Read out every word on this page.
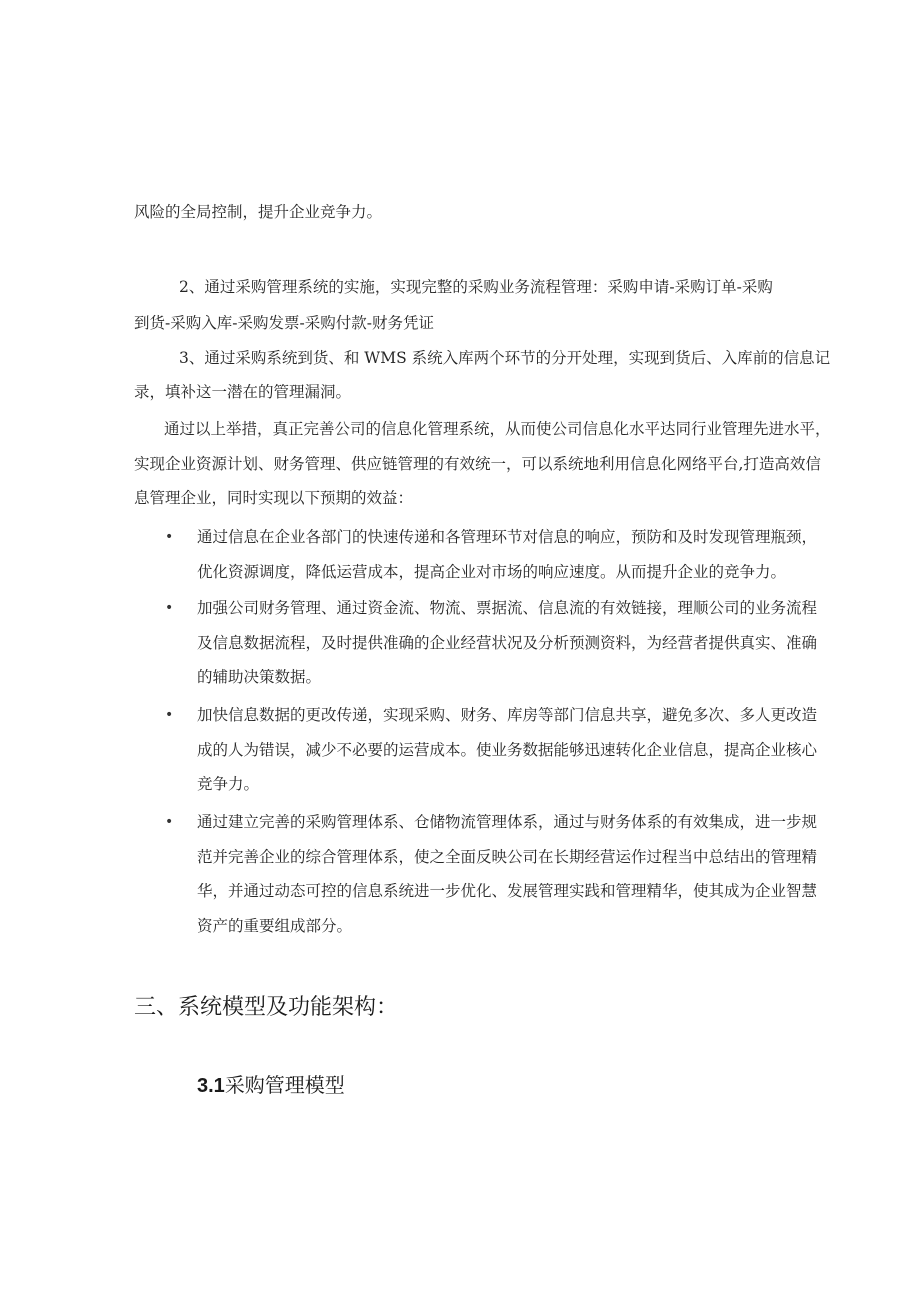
风险的全局控制，提升企业竞争力。
2、通过采购管理系统的实施，实现完整的采购业务流程管理：采购申请-采购订单-采购
到货-采购入库-采购发票-采购付款-财务凭证
3、通过采购系统到货、和 WMS 系统入库两个环节的分开处理，实现到货后、入库前的信息记
录，填补这一潜在的管理漏洞。
通过以上举措，真正完善公司的信息化管理系统，从而使公司信息化水平达同行业管理先进水平，
实现企业资源计划、财务管理、供应链管理的有效统一，可以系统地利用信息化网络平台,打造高效信
息管理企业，同时实现以下预期的效益：
• 通过信息在企业各部门的快速传递和各管理环节对信息的响应，预防和及时发现管理瓶颈，
优化资源调度，降低运营成本，提高企业对市场的响应速度。从而提升企业的竞争力。
• 加强公司财务管理、通过资金流、物流、票据流、信息流的有效链接，理顺公司的业务流程
及信息数据流程，及时提供准确的企业经营状况及分析预测资料，为经营者提供真实、准确
的辅助决策数据。
• 加快信息数据的更改传递，实现采购、财务、库房等部门信息共享，避免多次、多人更改造
成的人为错误，减少不必要的运营成本。使业务数据能够迅速转化企业信息，提高企业核心
竞争力。
• 通过建立完善的采购管理体系、仓储物流管理体系，通过与财务体系的有效集成，进一步规
范并完善企业的综合管理体系，使之全面反映公司在长期经营运作过程当中总结出的管理精
华，并通过动态可控的信息系统进一步优化、发展管理实践和管理精华，使其成为企业智慧
资产的重要组成部分。
三、系统模型及功能架构：
3.1采购管理模型
